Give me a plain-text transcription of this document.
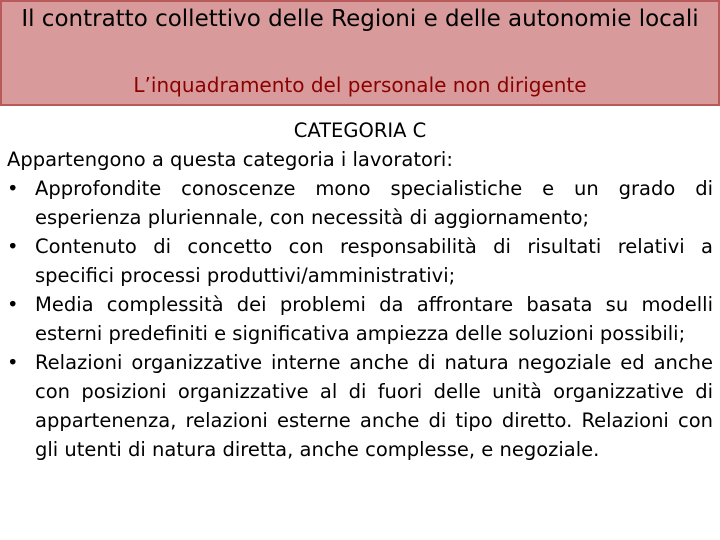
Il contratto collettivo delle Regioni e delle autonomie locali
L’inquadramento del personale non dirigente
CATEGORIA C
Appartengono a questa categoria i lavoratori:
• Approfondite conoscenze mono specialistiche e un grado di esperienza pluriennale, con necessità di aggiornamento;
• Contenuto di concetto con responsabilità di risultati relativi a specifici processi produttivi/amministrativi;
• Media complessità dei problemi da affrontare basata su modelli esterni predefiniti e significativa ampiezza delle soluzioni possibili;
• Relazioni organizzative interne anche di natura negoziale ed anche con posizioni organizzative al di fuori delle unità organizzative di appartenenza, relazioni esterne anche di tipo diretto. Relazioni con gli utenti di natura diretta, anche complesse, e negoziale.
